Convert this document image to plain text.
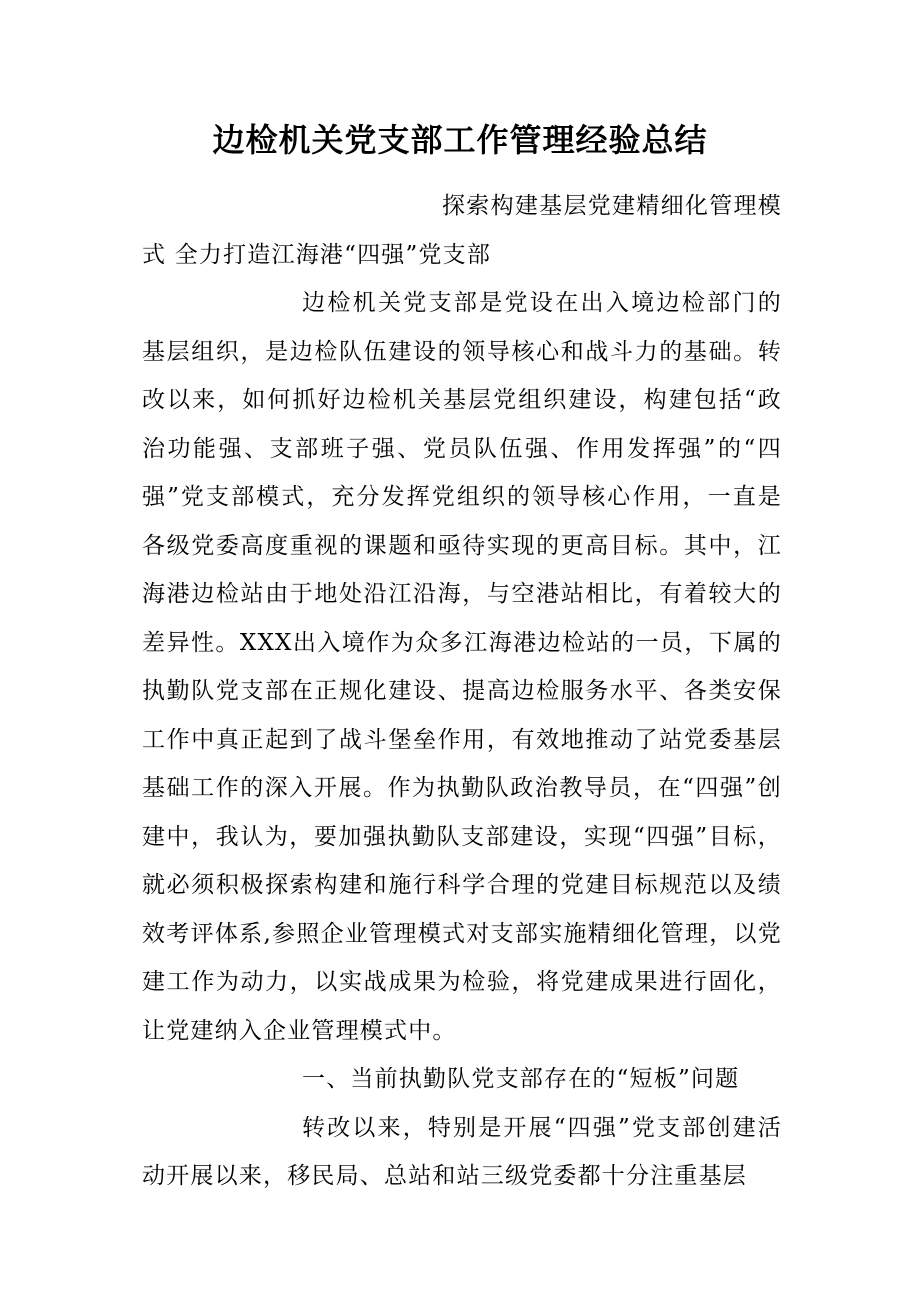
边检机关党支部工作管理经验总结

探索构建基层党建精细化管理模式 全力打造江海港“四强”党支部

边检机关党支部是党设在出入境边检部门的基层组织，是边检队伍建设的领导核心和战斗力的基础。转改以来，如何抓好边检机关基层党组织建设，构建包括“政治功能强、支部班子强、党员队伍强、作用发挥强”的“四强”党支部模式，充分发挥党组织的领导核心作用，一直是各级党委高度重视的课题和亟待实现的更高目标。其中，江海港边检站由于地处沿江沿海，与空港站相比，有着较大的差异性。XXX出入境作为众多江海港边检站的一员，下属的执勤队党支部在正规化建设、提高边检服务水平、各类安保工作中真正起到了战斗堡垒作用，有效地推动了站党委基层基础工作的深入开展。作为执勤队政治教导员，在“四强”创建中，我认为，要加强执勤队支部建设，实现“四强”目标，就必须积极探索构建和施行科学合理的党建目标规范以及绩效考评体系,参照企业管理模式对支部实施精细化管理，以党建工作为动力，以实战成果为检验，将党建成果进行固化，让党建纳入企业管理模式中。

一、当前执勤队党支部存在的“短板”问题

转改以来，特别是开展“四强”党支部创建活动开展以来，移民局、总站和站三级党委都十分注重基层
